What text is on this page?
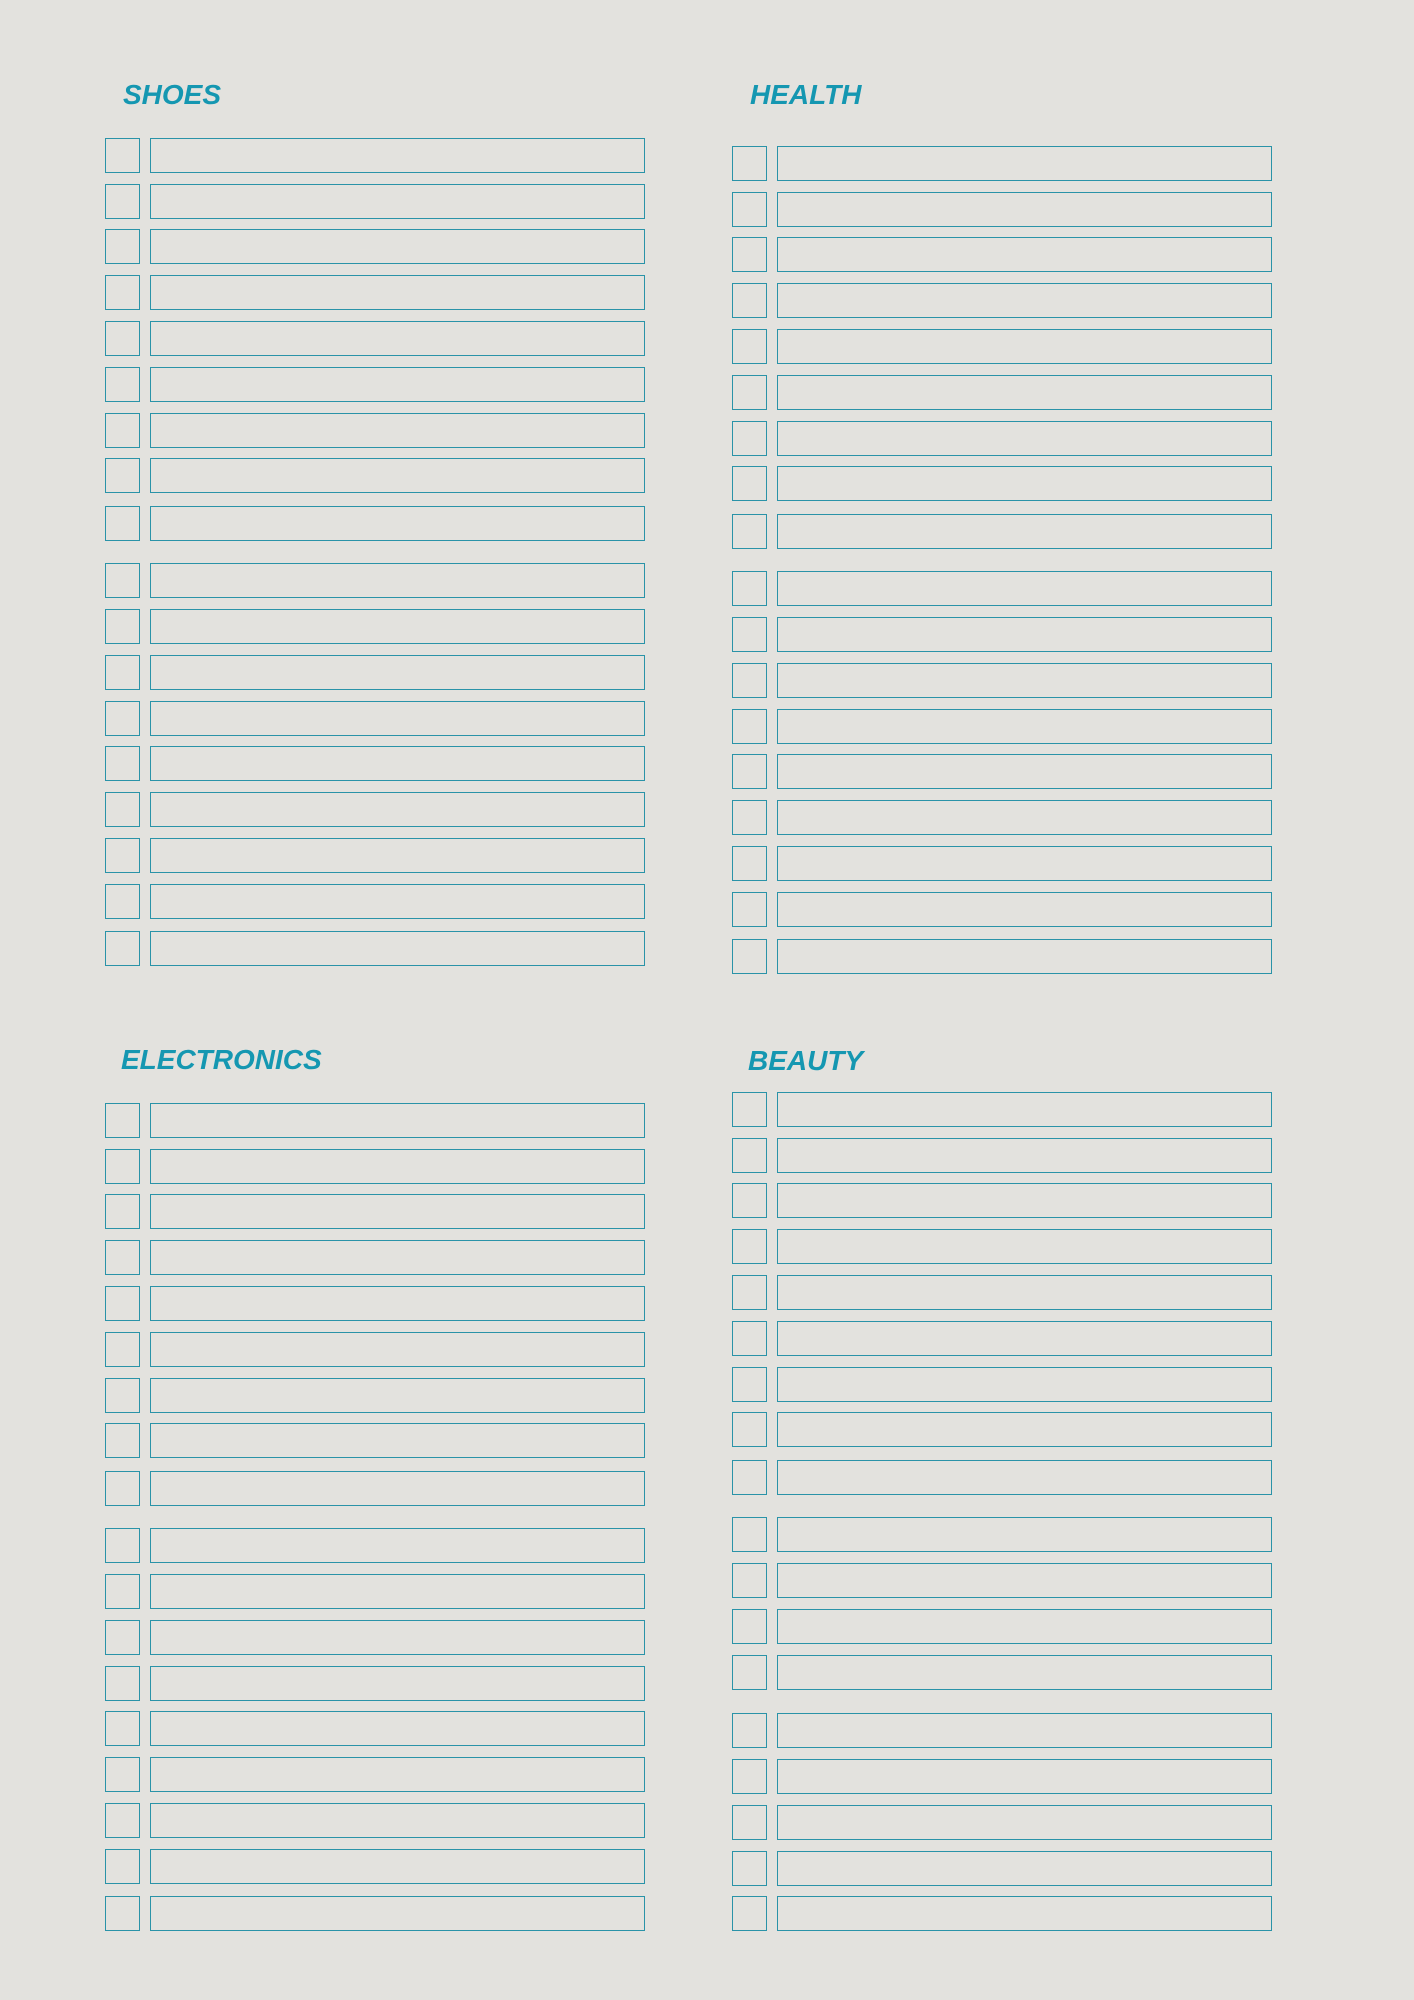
SHOES	HEALTH
ELECTRONICS	BEAUTY
